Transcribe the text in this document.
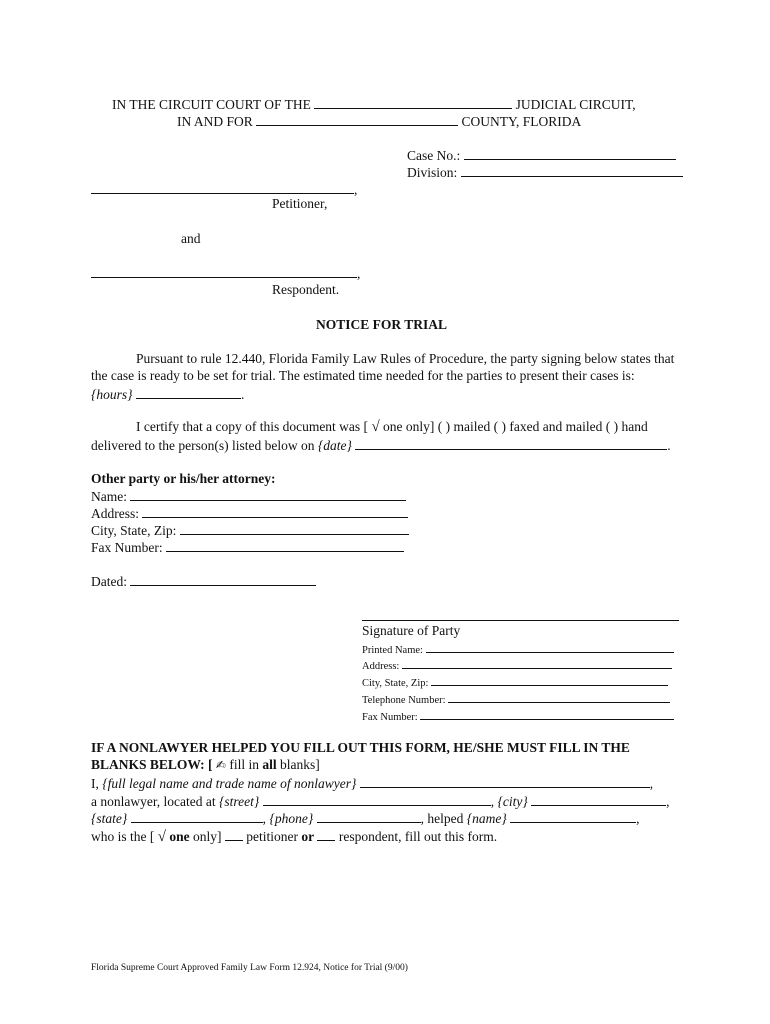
IN THE CIRCUIT COURT OF THE	JUDICIAL CIRCUIT,
IN AND FOR	COUNTY, FLORIDA
Case No.:
Division:
,
Petitioner,
and
,
Respondent.
NOTICE FOR TRIAL
Pursuant to rule 12.440, Florida Family Law Rules of Procedure, the party signing below states that
the case is ready to be set for trial. The estimated time needed for the parties to present their cases is:
{hours}	.
I certify that a copy of this document was [ √ one only] ( ) mailed ( ) faxed and mailed ( ) hand
delivered to the person(s) listed below on {date}	.
Other party or his/her attorney:
Name:
Address:
City, State, Zip:
Fax Number:
Dated:
Signature of Party
Printed Name:
Address:
City, State, Zip:
Telephone Number:
Fax Number:
IF A NONLAWYER HELPED YOU FILL OUT THIS FORM, HE/SHE MUST FILL IN THE
BLANKS BELOW: [ ✍ fill in all blanks]
I, {full legal name and trade name of nonlawyer}	,
a nonlawyer, located at {street}	, {city}	,
{state}	, {phone}	, helped {name}	,
who is the [ √ one only] petitioner or respondent, fill out this form.
Florida Supreme Court Approved Family Law Form 12.924, Notice for Trial (9/00)
